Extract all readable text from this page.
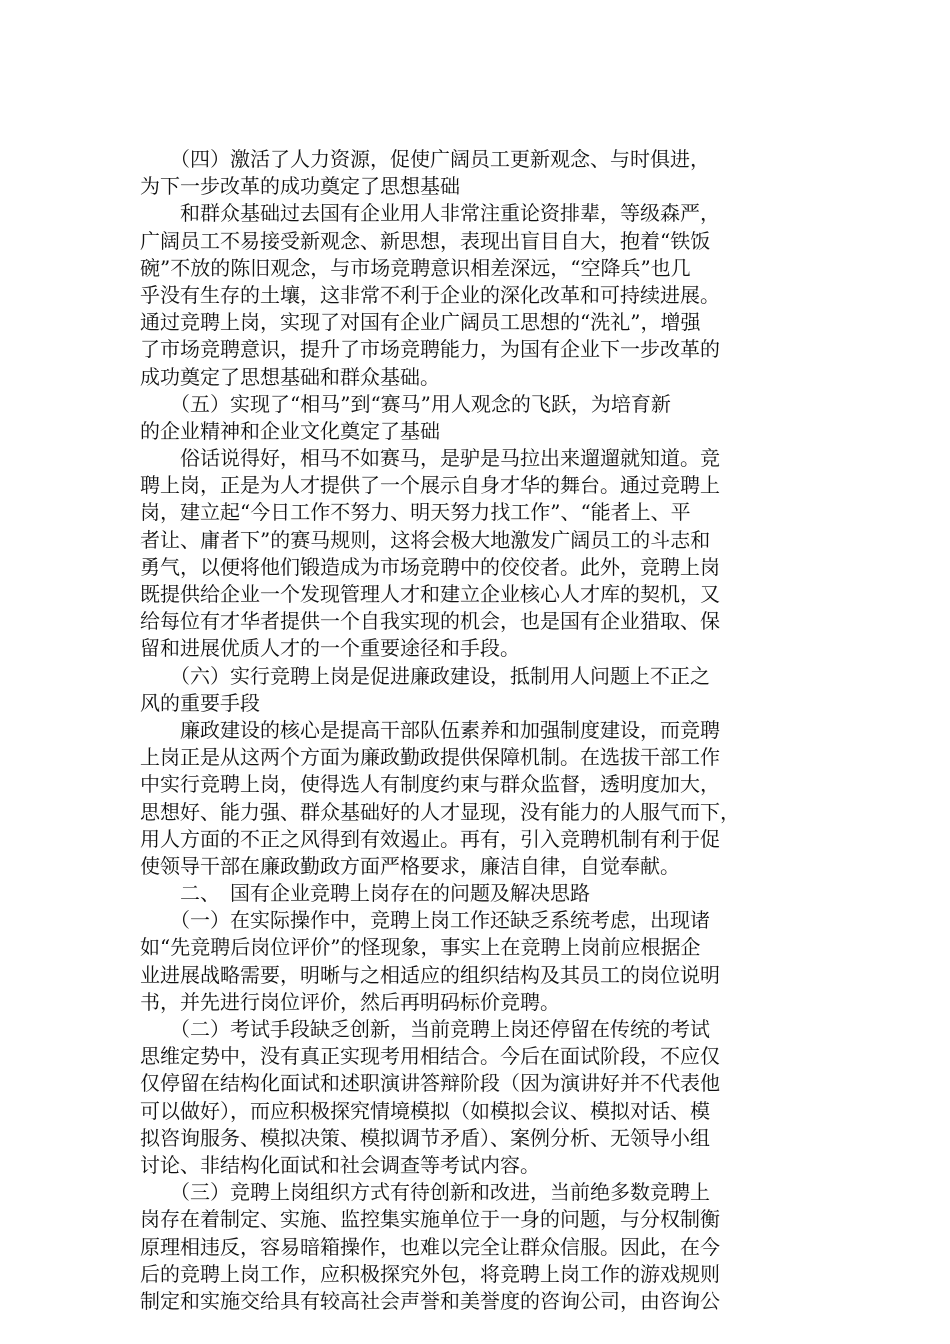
　　（四）激活了人力资源，促使广阔员工更新观念、与时俱进，
为下一步改革的成功奠定了思想基础
　　和群众基础过去国有企业用人非常注重论资排辈，等级森严，
广阔员工不易接受新观念、新思想，表现出盲目自大，抱着“铁饭
碗”不放的陈旧观念，与市场竞聘意识相差深远，“空降兵”也几
乎没有生存的土壤，这非常不利于企业的深化改革和可持续进展。
通过竞聘上岗，实现了对国有企业广阔员工思想的“洗礼”，增强
了市场竞聘意识，提升了市场竞聘能力，为国有企业下一步改革的
成功奠定了思想基础和群众基础。
　　（五）实现了“相马”到“赛马”用人观念的飞跃，为培育新
的企业精神和企业文化奠定了基础
　　俗话说得好，相马不如赛马，是驴是马拉出来遛遛就知道。竞
聘上岗，正是为人才提供了一个展示自身才华的舞台。通过竞聘上
岗，建立起“今日工作不努力、明天努力找工作”、“能者上、平
者让、庸者下”的赛马规则，这将会极大地激发广阔员工的斗志和
勇气，以便将他们锻造成为市场竞聘中的佼佼者。此外，竞聘上岗
既提供给企业一个发现管理人才和建立企业核心人才库的契机，又
给每位有才华者提供一个自我实现的机会，也是国有企业猎取、保
留和进展优质人才的一个重要途径和手段。
　　（六）实行竞聘上岗是促进廉政建设，抵制用人问题上不正之
风的重要手段
　　廉政建设的核心是提高干部队伍素养和加强制度建设，而竞聘
上岗正是从这两个方面为廉政勤政提供保障机制。在选拔干部工作
中实行竞聘上岗，使得选人有制度约束与群众监督，透明度加大，
思想好、能力强、群众基础好的人才显现，没有能力的人服气而下，
用人方面的不正之风得到有效遏止。再有，引入竞聘机制有利于促
使领导干部在廉政勤政方面严格要求，廉洁自律，自觉奉献。
　　二、　国有企业竞聘上岗存在的问题及解决思路
　　（一）在实际操作中，竞聘上岗工作还缺乏系统考虑，出现诸
如“先竞聘后岗位评价”的怪现象，事实上在竞聘上岗前应根据企
业进展战略需要，明晰与之相适应的组织结构及其员工的岗位说明
书，并先进行岗位评价，然后再明码标价竞聘。
　　（二）考试手段缺乏创新，当前竞聘上岗还停留在传统的考试
思维定势中，没有真正实现考用相结合。今后在面试阶段，不应仅
仅停留在结构化面试和述职演讲答辩阶段（因为演讲好并不代表他
可以做好），而应积极探究情境模拟（如模拟会议、模拟对话、模
拟咨询服务、模拟决策、模拟调节矛盾）、案例分析、无领导小组
讨论、非结构化面试和社会调查等考试内容。
　　（三）竞聘上岗组织方式有待创新和改进，当前绝多数竞聘上
岗存在着制定、实施、监控集实施单位于一身的问题，与分权制衡
原理相违反，容易暗箱操作，也难以完全让群众信服。因此，在今
后的竞聘上岗工作，应积极探究外包，将竞聘上岗工作的游戏规则
制定和实施交给具有较高社会声誉和美誉度的咨询公司，由咨询公
